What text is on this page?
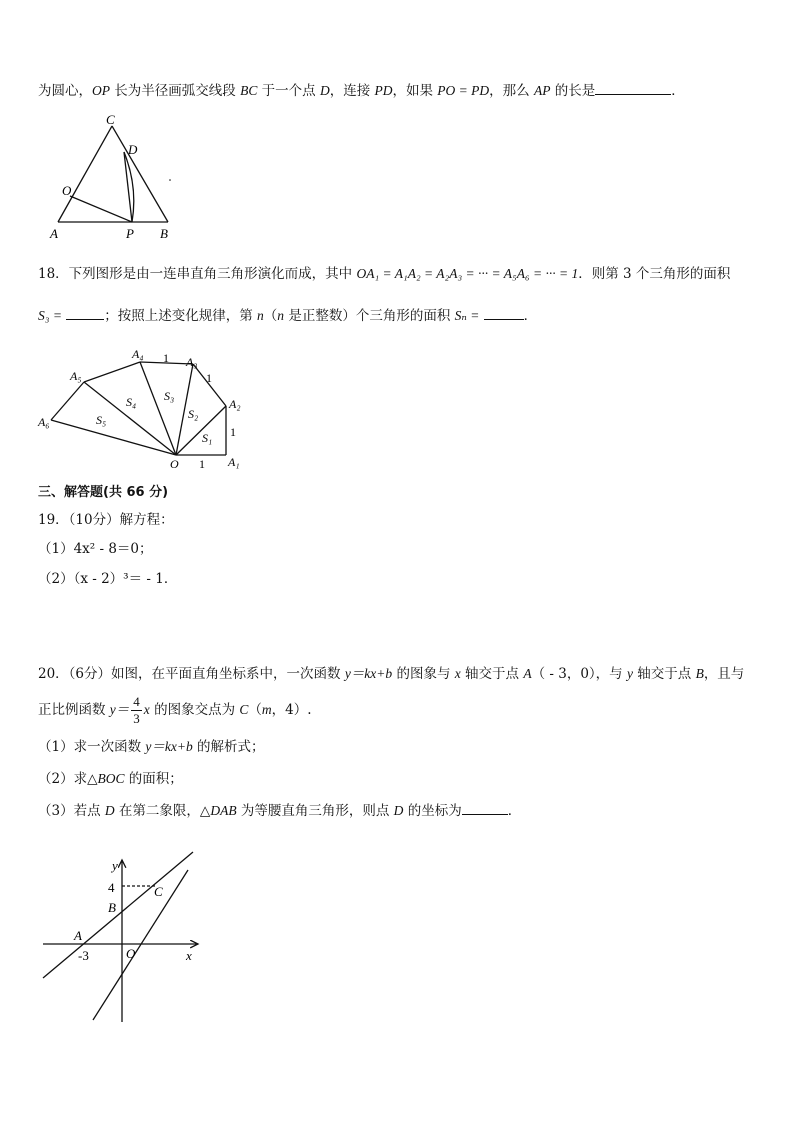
为圆心，OP 长为半径画弧交线段 BC 于一个点 D，连接 PD，如果 PO = PD，那么 AP 的长是	．
C
D
O
A	P B
18．下列图形是由一连串直角三角形演化而成，其中 OA₁ = A₁A₂ = A₂A₃ = ··· = A₅A₆ = ··· = 1．则第 3 个三角形的面积
S₃ =	；按照上述变化规律，第 n（n 是正整数）个三角形的面积 Sₙ =	．
A₁
A₂
A₃
A₄
A₅
A₆
O
S₁
S₂
S₃
S₄
S₅
1
1
1
1
三、解答题(共 66 分)
19．（10分）解方程：
（1）4x² - 8＝0；
（2）（x - 2）³＝ - 1．
20．（6分）如图，在平面直角坐标系中，一次函数 y＝kx+b 的图象与 x 轴交于点 A（ - 3，0），与 y 轴交于点 B，且与
正比例函数 $y= \frac{4}{3}$ x 的图象交点为 C（m，4）.
（1）求一次函数 y＝kx+b 的解析式；
（2）求△BOC 的面积；
（3）若点 D 在第二象限，△DAB 为等腰直角三角形，则点 D 的坐标为	．
y
x
4
B
C
A
-3	O
